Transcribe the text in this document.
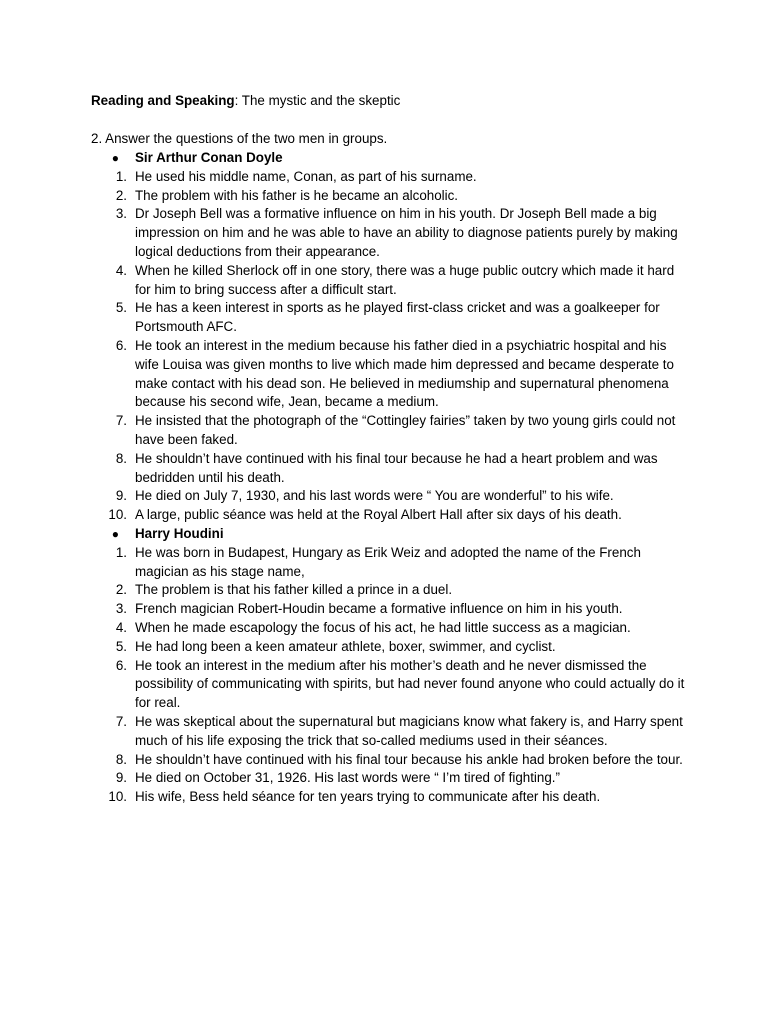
Reading and Speaking: The mystic and the skeptic
2. Answer the questions of the two men in groups.
● Sir Arthur Conan Doyle
1. He used his middle name, Conan, as part of his surname.
2. The problem with his father is he became an alcoholic.
3. Dr Joseph Bell was a formative influence on him in his youth. Dr Joseph Bell made a big impression on him and he was able to have an ability to diagnose patients purely by making logical deductions from their appearance.
4. When he killed Sherlock off in one story, there was a huge public outcry which made it hard for him to bring success after a difficult start.
5. He has a keen interest in sports as he played first-class cricket and was a goalkeeper for Portsmouth AFC.
6. He took an interest in the medium because his father died in a psychiatric hospital and his wife Louisa was given months to live which made him depressed and became desperate to make contact with his dead son. He believed in mediumship and supernatural phenomena because his second wife, Jean, became a medium.
7. He insisted that the photograph of the “Cottingley fairies” taken by two young girls could not have been faked.
8. He shouldn’t have continued with his final tour because he had a heart problem and was bedridden until his death.
9. He died on July 7, 1930, and his last words were “ You are wonderful” to his wife.
10. A large, public séance was held at the Royal Albert Hall after six days of his death.
● Harry Houdini
1. He was born in Budapest, Hungary as Erik Weiz and adopted the name of the French magician as his stage name,
2. The problem is that his father killed a prince in a duel.
3. French magician Robert-Houdin became a formative influence on him in his youth.
4. When he made escapology the focus of his act, he had little success as a magician.
5. He had long been a keen amateur athlete, boxer, swimmer, and cyclist.
6. He took an interest in the medium after his mother’s death and he never dismissed the possibility of communicating with spirits, but had never found anyone who could actually do it for real.
7. He was skeptical about the supernatural but magicians know what fakery is, and Harry spent much of his life exposing the trick that so-called mediums used in their séances.
8. He shouldn’t have continued with his final tour because his ankle had broken before the tour.
9. He died on October 31, 1926. His last words were “ I’m tired of fighting.”
10. His wife, Bess held séance for ten years trying to communicate after his death.
